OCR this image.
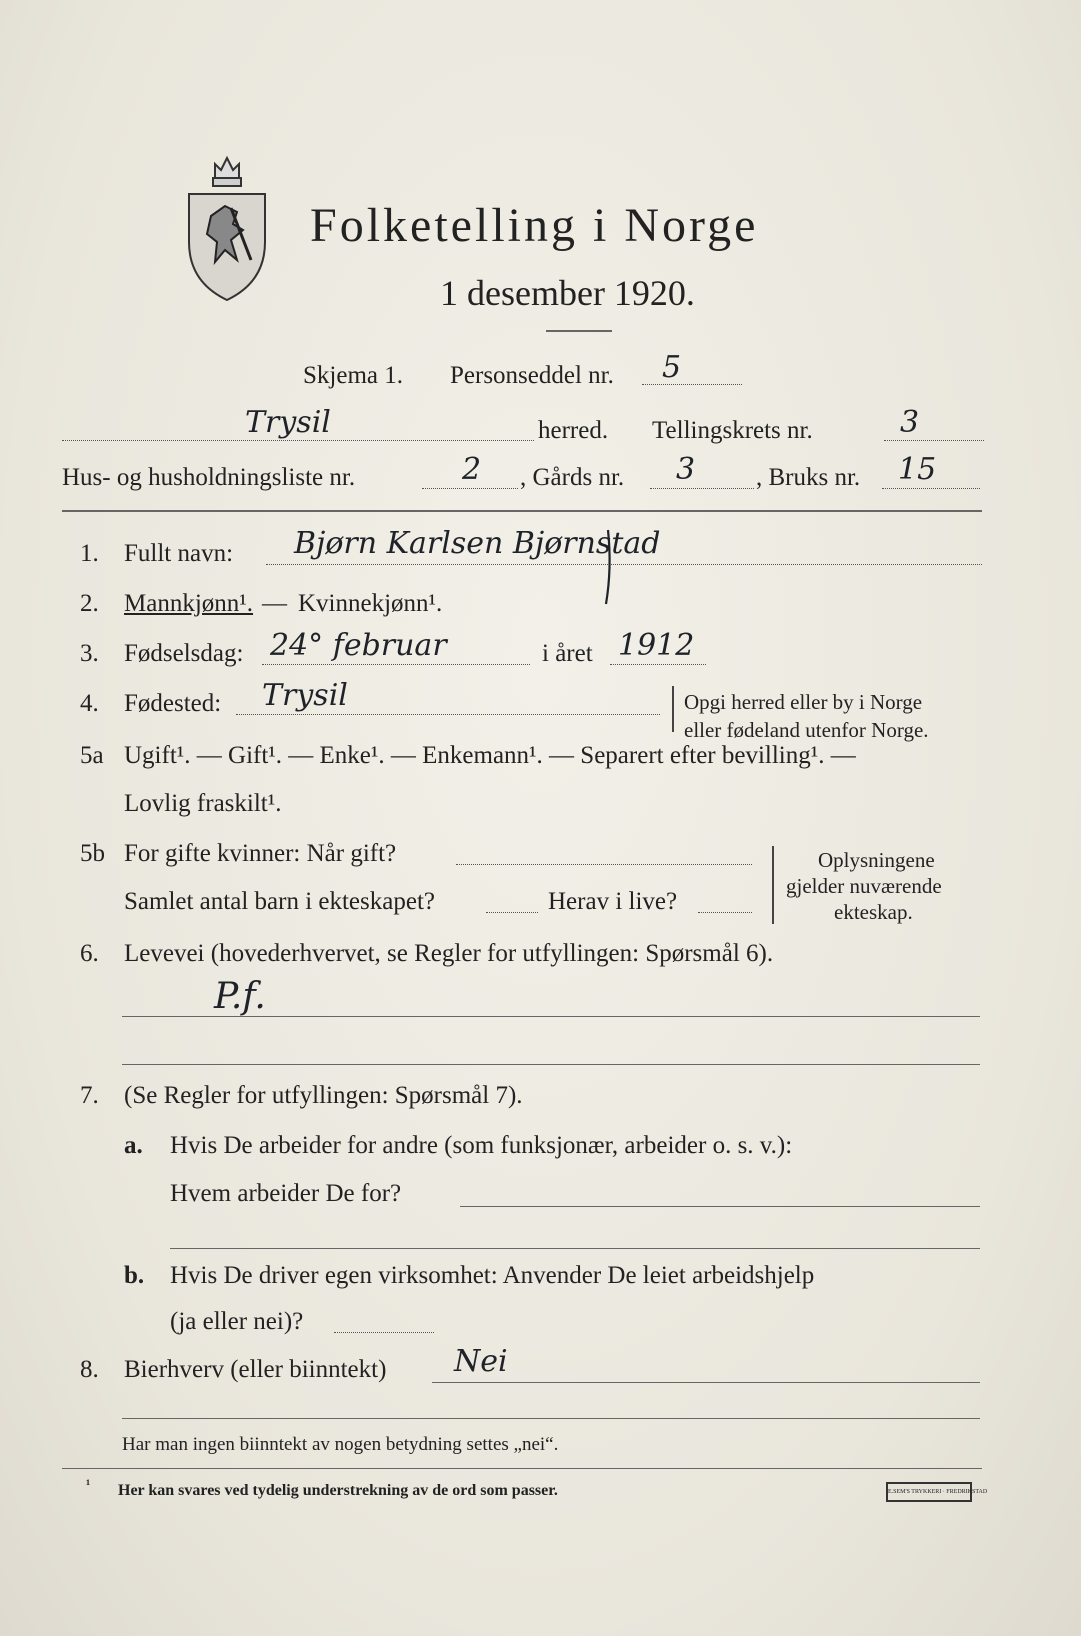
Folketelling i Norge
1 desember 1920.
Skjema 1. Personseddel nr. 5
Trysil	herred. Tellingskrets nr.	3
Hus- og husholdningsliste nr.	2 , Gårds nr. 3 , Bruks nr. 15
1. Fullt navn: Bjørn Karlsen Bjørnstad
2. Mannkjønn¹. — Kvinnekjønn¹.
3. Fødselsdag: 24° februar	i året 1912
4. Fødested: Trysil	Opgi herred eller by i Norge
eller fødeland utenfor Norge.
5a Ugift¹. — Gift¹. — Enke¹. — Enkemann¹. — Separert efter bevilling¹. —
Lovlig fraskilt¹.
5b For gifte kvinner: Når gift?
Samlet antal barn i ekteskapet?	Herav i live?
Oplysningene
gjelder nuværende
ekteskap.
6. Levevei (hovederhvervet, se Regler for utfyllingen: Spørsmål 6).
P.f.
7. (Se Regler for utfyllingen: Spørsmål 7).
a. Hvis De arbeider for andre (som funksjonær, arbeider o. s. v.):
Hvem arbeider De for?
b. Hvis De driver egen virksomhet: Anvender De leiet arbeidshjelp
(ja eller nei)?
8. Bierhverv (eller biinntekt) Nei
Har man ingen biinntekt av nogen betydning settes „nei“.
¹ Her kan svares ved tydelig understrekning av de ord som passer.	E.SEM'S TRYKKERI · FREDRIKSTAD
